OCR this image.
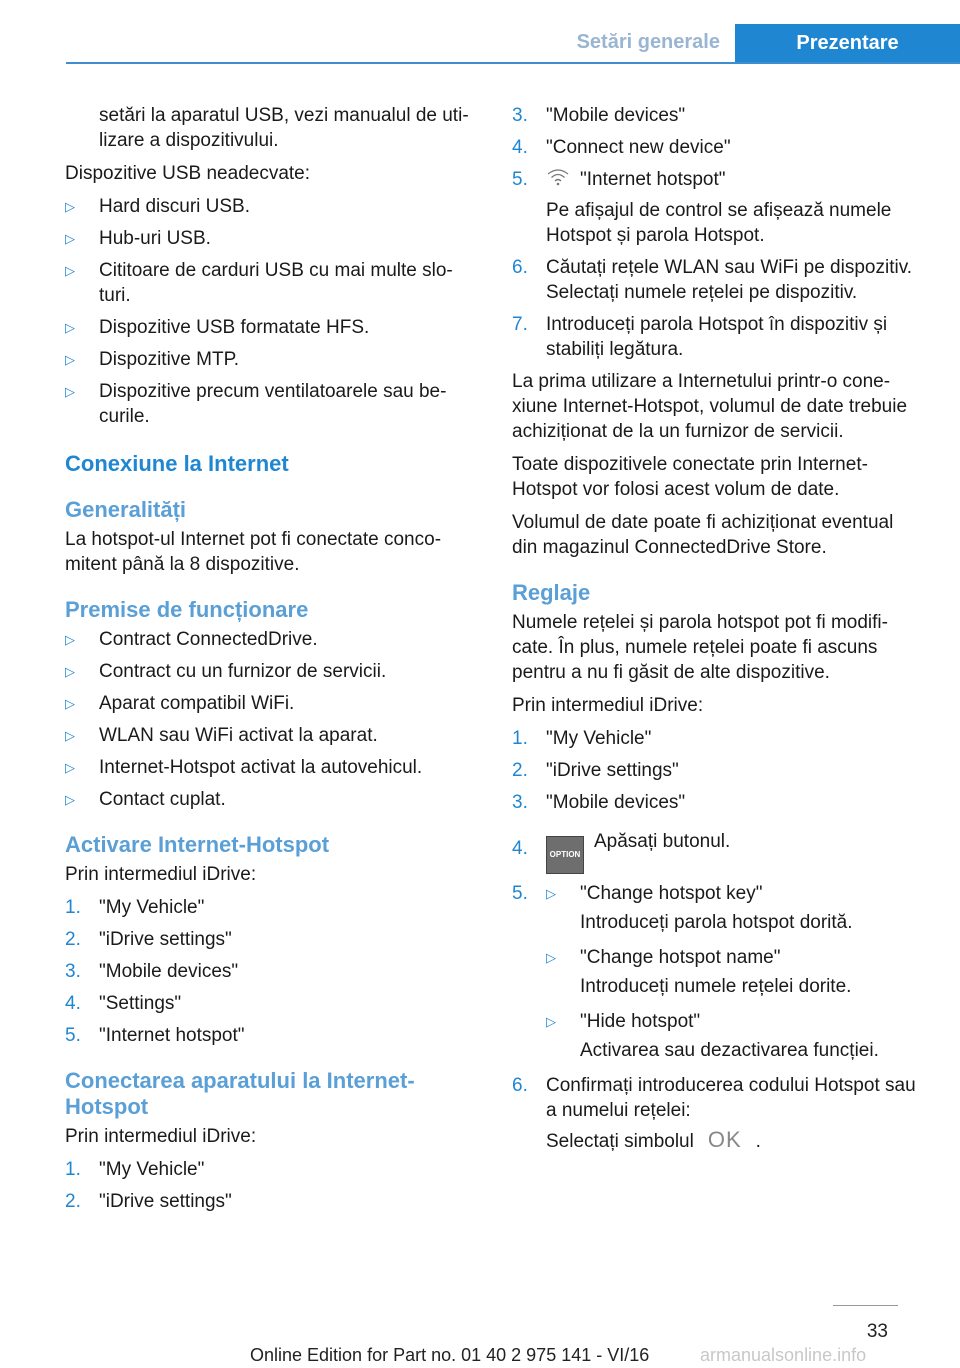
Setări generale	Prezentare

setări la aparatul USB, vezi manualul de utilizare a dispozitivului.

Dispozitive USB neadecvate:

▷ Hard discuri USB.
▷ Hub-uri USB.
▷ Cititoare de carduri USB cu mai multe sloturi.
▷ Dispozitive USB formatate HFS.
▷ Dispozitive MTP.
▷ Dispozitive precum ventilatoarele sau becurile.
Conexiune la Internet
Generalități

La hotspot-ul Internet pot fi conectate concomitent până la 8 dispozitive.

Premise de funcționare
▷ Contract ConnectedDrive.
▷ Contract cu un furnizor de servicii.
▷ Aparat compatibil WiFi.
▷ WLAN sau WiFi activat la aparat.
▷ Internet-Hotspot activat la autovehicul.
▷ Contact cuplat.
Activare Internet-Hotspot

Prin intermediul iDrive:

1. "My Vehicle"
2. "iDrive settings"
3. "Mobile devices"
4. "Settings"
5. "Internet hotspot"
Conectarea aparatului la Internet-Hotspot

Prin intermediul iDrive:

1. "My Vehicle"
2. "iDrive settings"
3. "Mobile devices"
4. "Connect new device"
5.	"Internet hotspot"
Pe afișajul de control se afișează numele Hotspot și parola Hotspot.
6. Căutați rețele WLAN sau WiFi pe dispozitiv. Selectați numele rețelei pe dispozitiv.
7. Introduceți parola Hotspot în dispozitiv și stabiliți legătura.

La prima utilizare a Internetului printr-o conexiune Internet-Hotspot, volumul de date trebuie achiziționat de la un furnizor de servicii.

Toate dispozitivele conectate prin Internet-Hotspot vor folosi acest volum de date.

Volumul de date poate fi achiziționat eventual din magazinul ConnectedDrive Store.

Reglaje

Numele rețelei și parola hotspot pot fi modificate. În plus, numele rețelei poate fi ascuns pentru a nu fi găsit de alte dispozitive.

Prin intermediul iDrive:

1. "My Vehicle"
2. "iDrive settings"
3. "Mobile devices"
4.	OPTIONApăsați butonul.
5.	▷	"Change hotspot key"
Introduceți parola hotspot dorită.
▷	"Change hotspot name"
Introduceți numele rețelei dorite.
▷	"Hide hotspot"
Activarea sau dezactivarea funcției.
6. Confirmați introducerea codului Hotspot sau a numelui rețelei:
Selectați simbolul OK .
33
Online Edition for Part no. 01 40 2 975 141 - VI/16	armanualsonline.info
